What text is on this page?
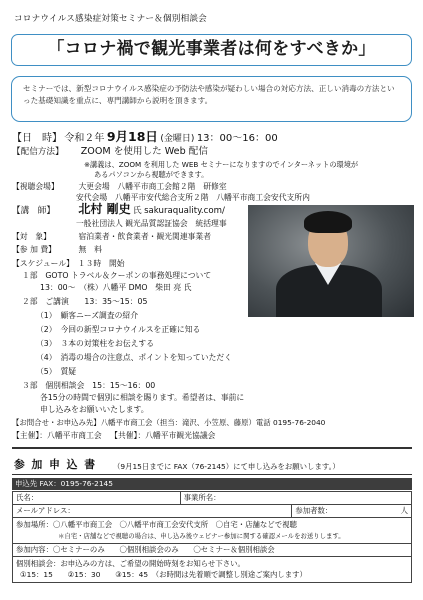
コロナウイルス感染症対策セミナー＆個別相談会
「コロナ禍で観光事業者は何をすべきか」
セミナーでは、新型コロナウイルス感染症の予防法や感染が疑わしい場合の対応方法、正しい消毒の方法といった基礎知識を重点に、専門講師から説明を頂きます。
【日　時】 令和２年 9月18日 (金曜日) 13：00～16：00
【配信方法】 ZOOM を使用した Web 配信
※講義は、ZOOM を利用した WEB セミナーになりますのでインターネットの環境が
あるパソコンから視聴ができます。
【視聴会場】	大更会場　八幡平市商工会館２階　研修室
安代会場　八幡平市安代総合支所２階　八幡平市商工会安代支所内
【講　師】 北村 剛史 氏 sakuraquality.com/
一般社団法人 観光品質認証協会　統括理事
【対　象】	宿泊業者・飲食業者・観光関連事業者
【参 加 費】	無　料
【スケジュール】　１３時　開始
１部　GOTO トラベル＆クーポンの事務処理について
13：00～　（株）八幡平 DMO　柴田 亮 氏
２部　ご講演　　13：35～15：05
（1）　顧客ニーズ調査の紹介
（2）　今回の新型コロナウイルスを正確に知る
（3）　３本の対策柱をお伝えする
（4）　消毒の場合の注意点、ポイントを知っていただく
（5）　質疑
３部　個別相談会　15：15～16：00
各15分の時間で個別に相談を賜ります。希望者は、事前に
申し込みをお願いいたします。
【お問合せ・お申込み先】八幡平市商工会（担当：滝沢、小笠原、藤原）電話 0195-76-2040
【主催】：八幡平市商工会 【共催】：八幡平市観光協議会
参 加 申 込 書 （9月15日までに FAX（76-2145）にて申し込みをお願いします。）
申込先 FAX：0195-76-2145
氏名：	事業所名：	
メールアドレス：		参加者数： 人

参加場所：〇八幡平市商工会　〇八幡平市商工会安代支所　〇自宅・店舗などで視聴
＊自宅・店舗などで視聴の場合は、申し込み後ウェビナー参加に関する確認メールをお送りします。		
参加内容：〇セミナーのみ　　〇個別相談会のみ　　〇セミナー＆個別相談会		
個別相談会：お申込みの方は、ご希望の開始時刻をお知らせ下さい。
①15：15　　②15：30　　③15：45　（お時間は先着順で調整し別途ご案内します）		
